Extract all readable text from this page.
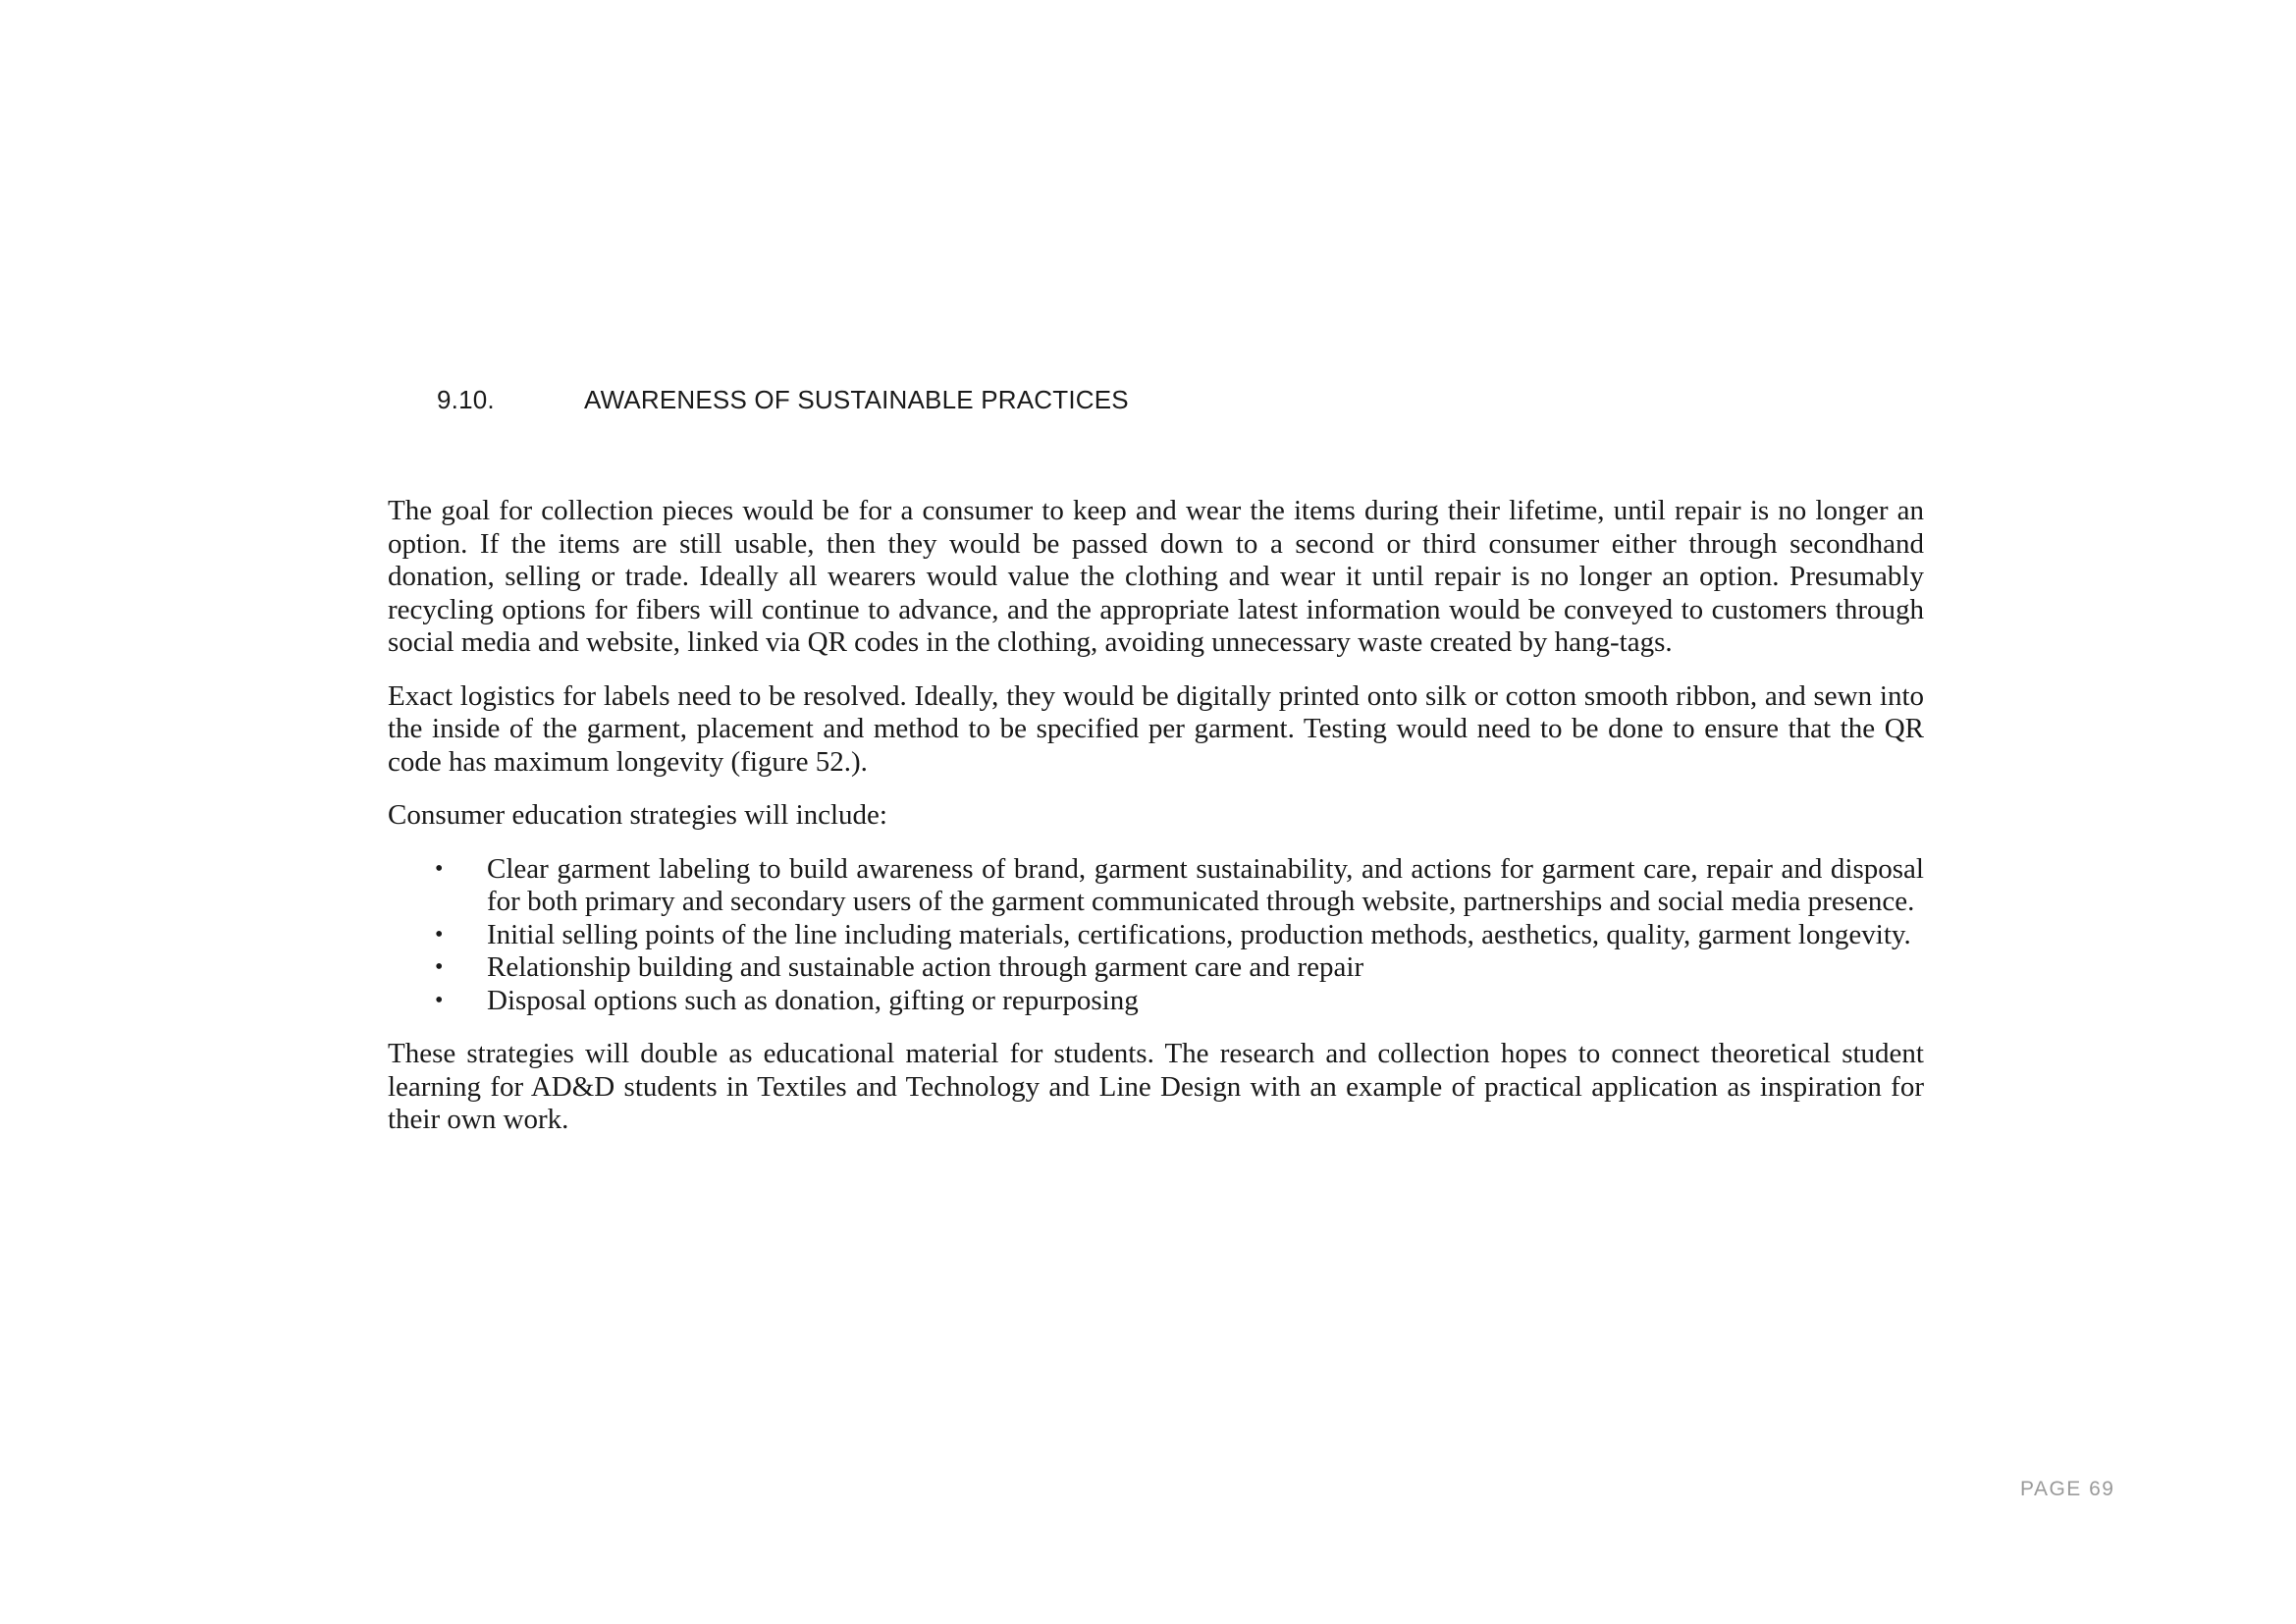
9.10.	AWARENESS OF SUSTAINABLE PRACTICES

The goal for collection pieces would be for a consumer to keep and wear the items during their lifetime, until repair is no longer an option. If the items are still usable, then they would be passed down to a second or third consumer either through secondhand donation, selling or trade. Ideally all wearers would value the clothing and wear it until repair is no longer an option. Presumably recycling options for fibers will continue to advance, and the appropriate latest information would be conveyed to customers through social media and website, linked via QR codes in the clothing, avoiding unnecessary waste created by hang-tags.

Exact logistics for labels need to be resolved. Ideally, they would be digitally printed onto silk or cotton smooth ribbon, and sewn into the inside of the garment, placement and method to be specified per garment. Testing would need to be done to ensure that the QR code has maximum longevity (figure 52.).

Consumer education strategies will include:

• Clear garment labeling to build awareness of brand, garment sustainability, and actions for garment care, repair and disposal for both primary and secondary users of the garment communicated through website, partnerships and social media presence.
• Initial selling points of the line including materials, certifications, production methods, aesthetics, quality, garment longevity.
• Relationship building and sustainable action through garment care and repair
• Disposal options such as donation, gifting or repurposing

These strategies will double as educational material for students. The research and collection hopes to connect theoretical student learning for AD&D students in Textiles and Technology and Line Design with an example of practical application as inspiration for their own work.

PAGE 69
